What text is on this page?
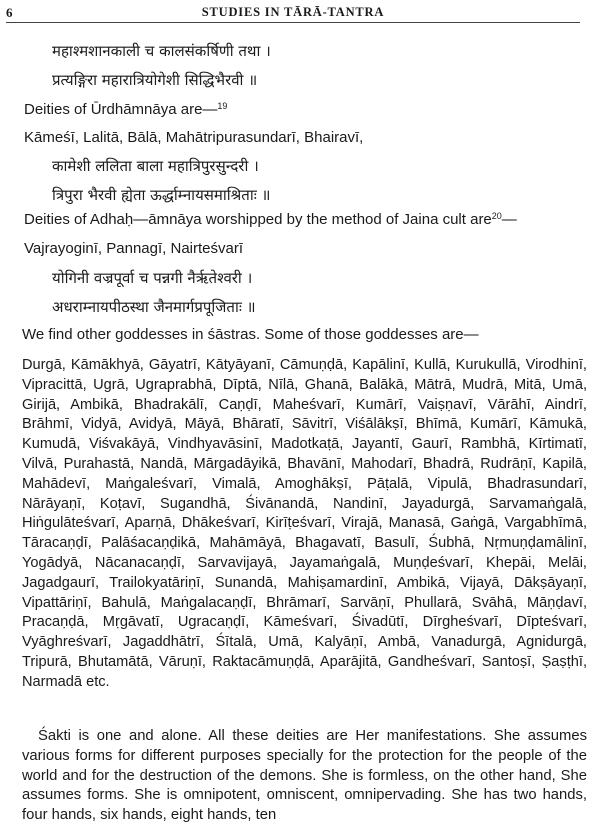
6	STUDIES IN TĀRĀ-TANTRA
महाश्मशानकाली च कालसंकर्षिणी तथा ।
प्रत्यङ्गिरा महारात्रियोगेशी सिद्धिभैरवी ॥
Deities of Ūrdhāmnāya are—$^{19}$
Kāmeśī, Lalitā, Bālā, Mahātripurasundarī, Bhairavī,
कामेशी ललिता बाला महात्रिपुरसुन्दरी ।
त्रिपुरा भैरवी ह्येता ऊर्द्धाम्नायसमाश्रिताः ॥
Deities of Adhaḥ—āmnāya worshipped by the method of Jaina cult are$^{20}$—
Vajrayoginī, Pannagī, Nairteśvarī
योगिनी वज्रपूर्वा च पन्नगी नैर्ऋतेश्वरी ।
अधराम्नायपीठस्था जैनमार्गप्रपूजिताः ॥
We find other goddesses in śāstras. Some of those goddesses are—

Durgā, Kāmākhyā, Gāyatrī, Kātyāyanī, Cāmuṇḍā, Kapālinī, Kullā, Kurukullā, Virodhinī, Vipracittā, Ugrā, Ugraprabhā, Dīptā, Nīlā, Ghanā, Balākā, Mātrā, Mudrā, Mitā, Umā, Girijā, Ambikā, Bhadrakālī, Caṇḍī, Maheśvarī, Kumārī, Vaiṣṇavī, Vārāhī, Aindrī, Brāhmī, Vidyā, Avidyā, Māyā, Bhāratī, Sāvitrī, Viśālākṣī, Bhīmā, Kumārī, Kāmukā, Kumudā, Viśvakāyā, Vindhyavāsinī, Madotkaṭā, Jayantī, Gaurī, Rambhā, Kīrtimatī, Vilvā, Purahastā, Nandā, Mārgadāyikā, Bhavānī, Mahodarī, Bhadrā, Rudrāṇī, Kapilā, Mahādevī, Maṅgaleśvarī, Vimalā, Amoghākṣī, Pāṭalā, Vipulā, Bhadrasundarī, Nārāyaṇī, Koṭavī, Sugandhā, Śivānandā, Nandinī, Jayadurgā, Sarvamaṅgalā, Hiṅgulāteśvarī, Aparṇā, Dhākeśvarī, Kirīṭeśvarī, Virajā, Manasā, Gaṅgā, Vargabhīmā, Tāracaṇḍī, Palāśacaṇḍikā, Mahāmāyā, Bhagavatī, Basulī, Śubhā, Nṛmuṇḍamālinī, Yogādyā, Nācanacaṇḍī, Sarvavijayā, Jayamaṅgalā, Muṇḍeśvarī, Khepāi, Melāi, Jagadgaurī, Trailokyatāriṇī, Sunandā, Mahiṣamardinī, Ambikā, Vijayā, Dākṣāyaṇī, Vipattāriṇī, Bahulā, Maṅgalacaṇḍī, Bhrāmarī, Sarvāṇī, Phullarā, Svāhā, Māṇḍavī, Pracaṇḍā, Mṛgāvatī, Ugracaṇḍī, Kāmeśvarī, Śivadūtī, Dīrgheśvarī, Dīpteśvarī, Vyāghreśvarī, Jagaddhātrī, Śītalā, Umā, Kalyāṇī, Ambā, Vanadurgā, Agnidurgā, Tripurā, Bhutamātā, Vāruṇī, Raktacāmuṇḍā, Aparājitā, Gandheśvarī, Santoṣī, Ṣaṣṭhī, Narmadā etc.

Śakti is one and alone. All these deities are Her manifestations. She assumes various forms for different purposes specially for the protection for the people of the world and for the destruction of the demons. She is formless, on the other hand, She assumes forms. She is omnipotent, omniscent, omnipervading. She has two hands, four hands, six hands, eight hands, ten
